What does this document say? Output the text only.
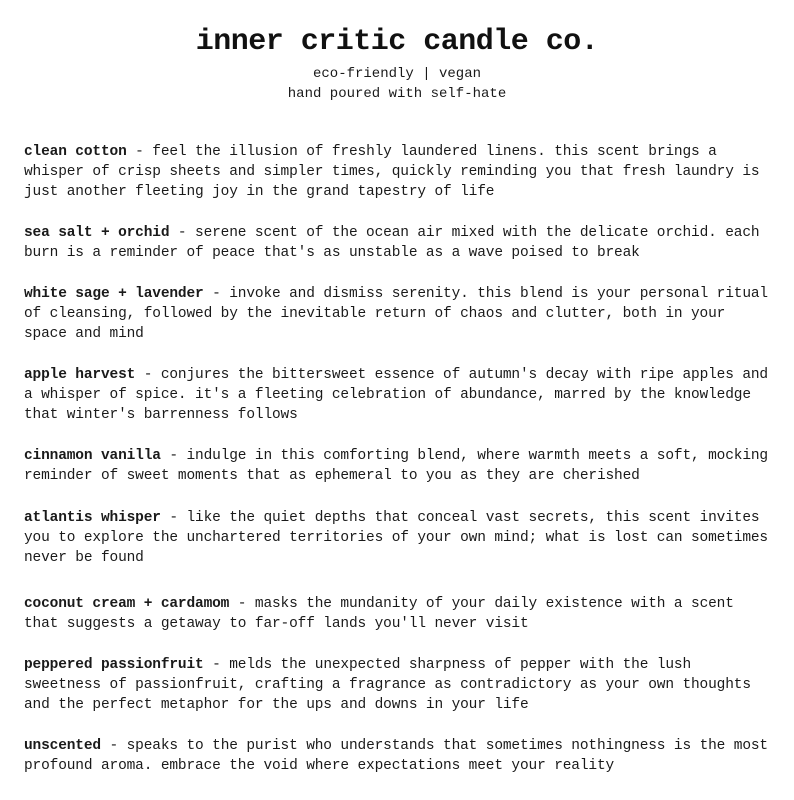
inner critic candle co.
eco-friendly | vegan
hand poured with self-hate

clean cotton - feel the illusion of freshly laundered linens. this scent brings a whisper of crisp sheets and simpler times, quickly reminding you that fresh laundry is just another fleeting joy in the grand tapestry of life

sea salt + orchid - serene scent of the ocean air mixed with the delicate orchid. each burn is a reminder of peace that's as unstable as a wave poised to break

white sage + lavender - invoke and dismiss serenity. this blend is your personal ritual of cleansing, followed by the inevitable return of chaos and clutter, both in your space and mind

apple harvest - conjures the bittersweet essence of autumn's decay with ripe apples and a whisper of spice. it's a fleeting celebration of abundance, marred by the knowledge that winter's barrenness follows

cinnamon vanilla - indulge in this comforting blend, where warmth meets a soft, mocking reminder of sweet moments that as ephemeral to you as they are cherished

atlantis whisper - like the quiet depths that conceal vast secrets, this scent invites you to explore the unchartered territories of your own mind; what is lost can sometimes never be found

coconut cream + cardamom - masks the mundanity of your daily existence with a scent that suggests a getaway to far-off lands you'll never visit

peppered passionfruit - melds the unexpected sharpness of pepper with the lush sweetness of passionfruit, crafting a fragrance as contradictory as your own thoughts and the perfect metaphor for the ups and downs in your life

unscented - speaks to the purist who understands that sometimes nothingness is the most profound aroma. embrace the void where expectations meet your reality
